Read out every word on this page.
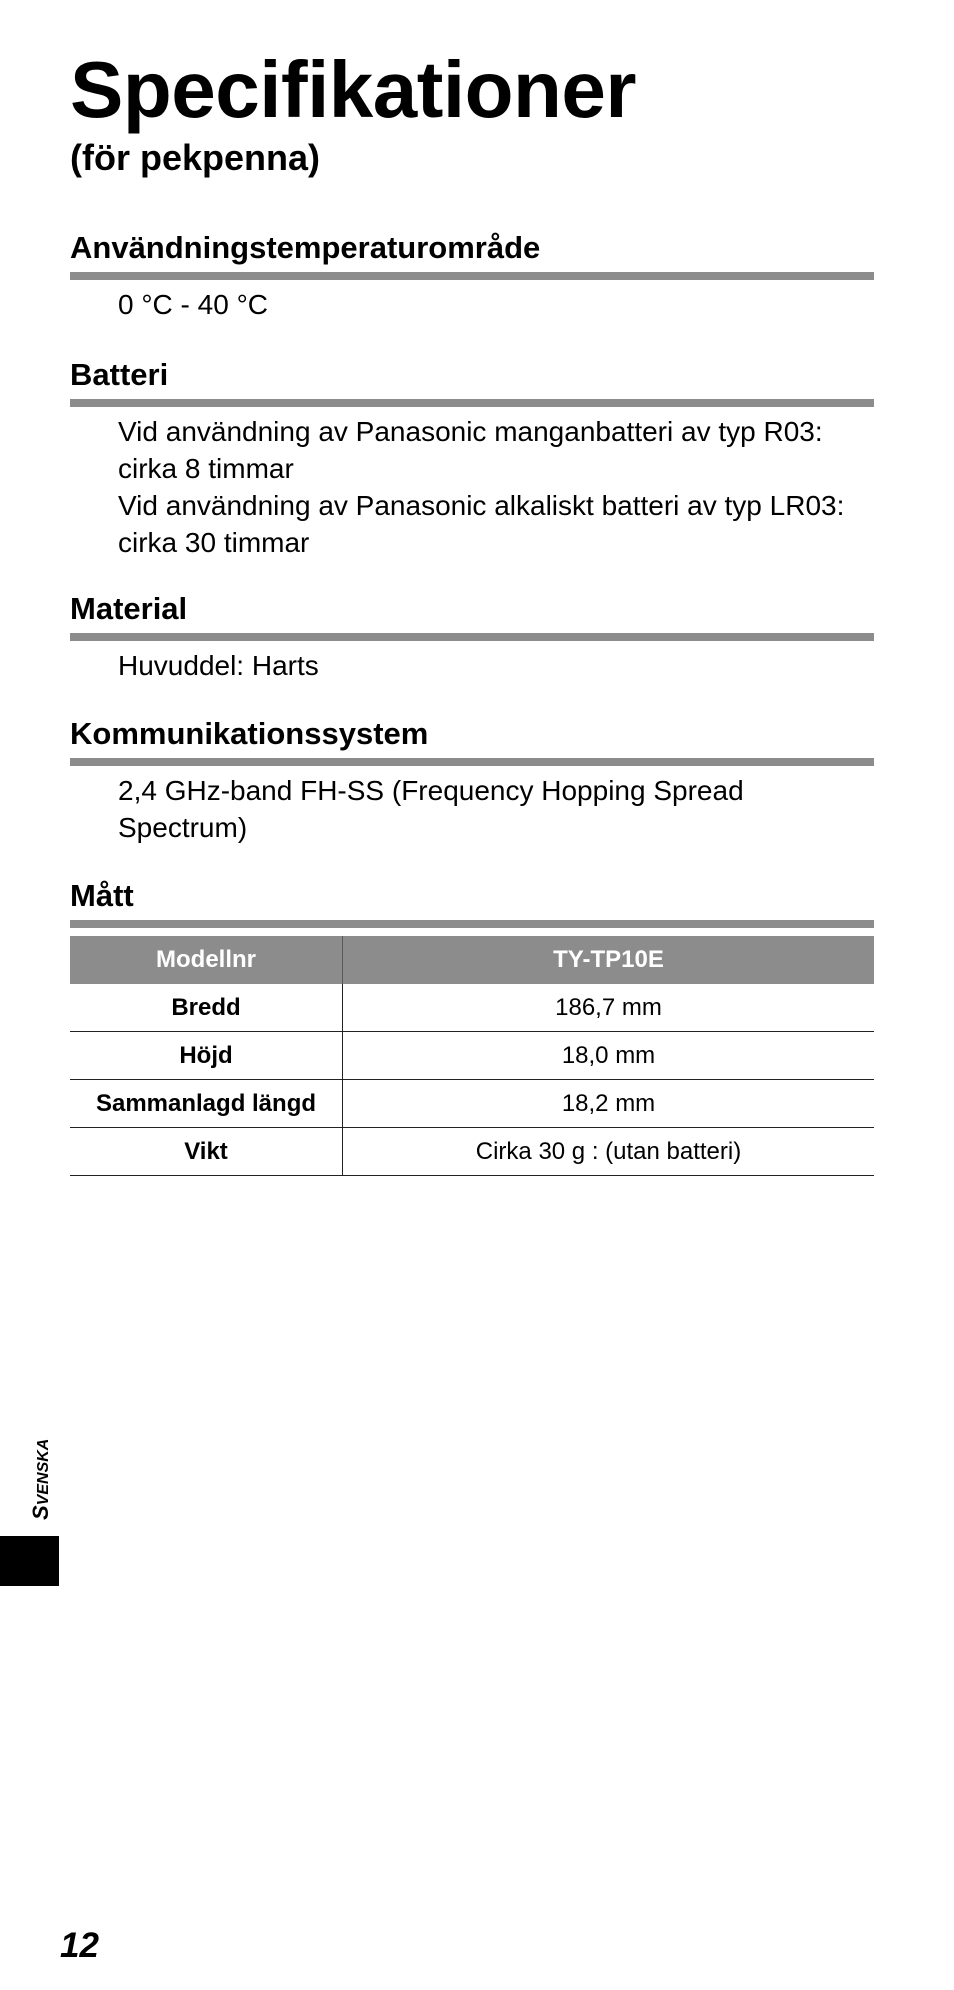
Specifikationer
(för pekpenna)
Användningstemperaturområde

0 °C - 40 °C

Batteri

Vid användning av Panasonic manganbatteri av typ R03:

cirka 8 timmar

Vid användning av Panasonic alkaliskt batteri av typ LR03:

cirka 30 timmar

Material

Huvuddel: Harts

Kommunikationssystem

2,4 GHz-band FH-SS (Frequency Hopping Spread

Spectrum)

Mått
Modellnr	TY-TP10E
Bredd	186,7 mm
Höjd	18,0 mm
Sammanlagd längd	18,2 mm
Vikt	Cirka 30 g : (utan batteri)
SVENSKA
12
